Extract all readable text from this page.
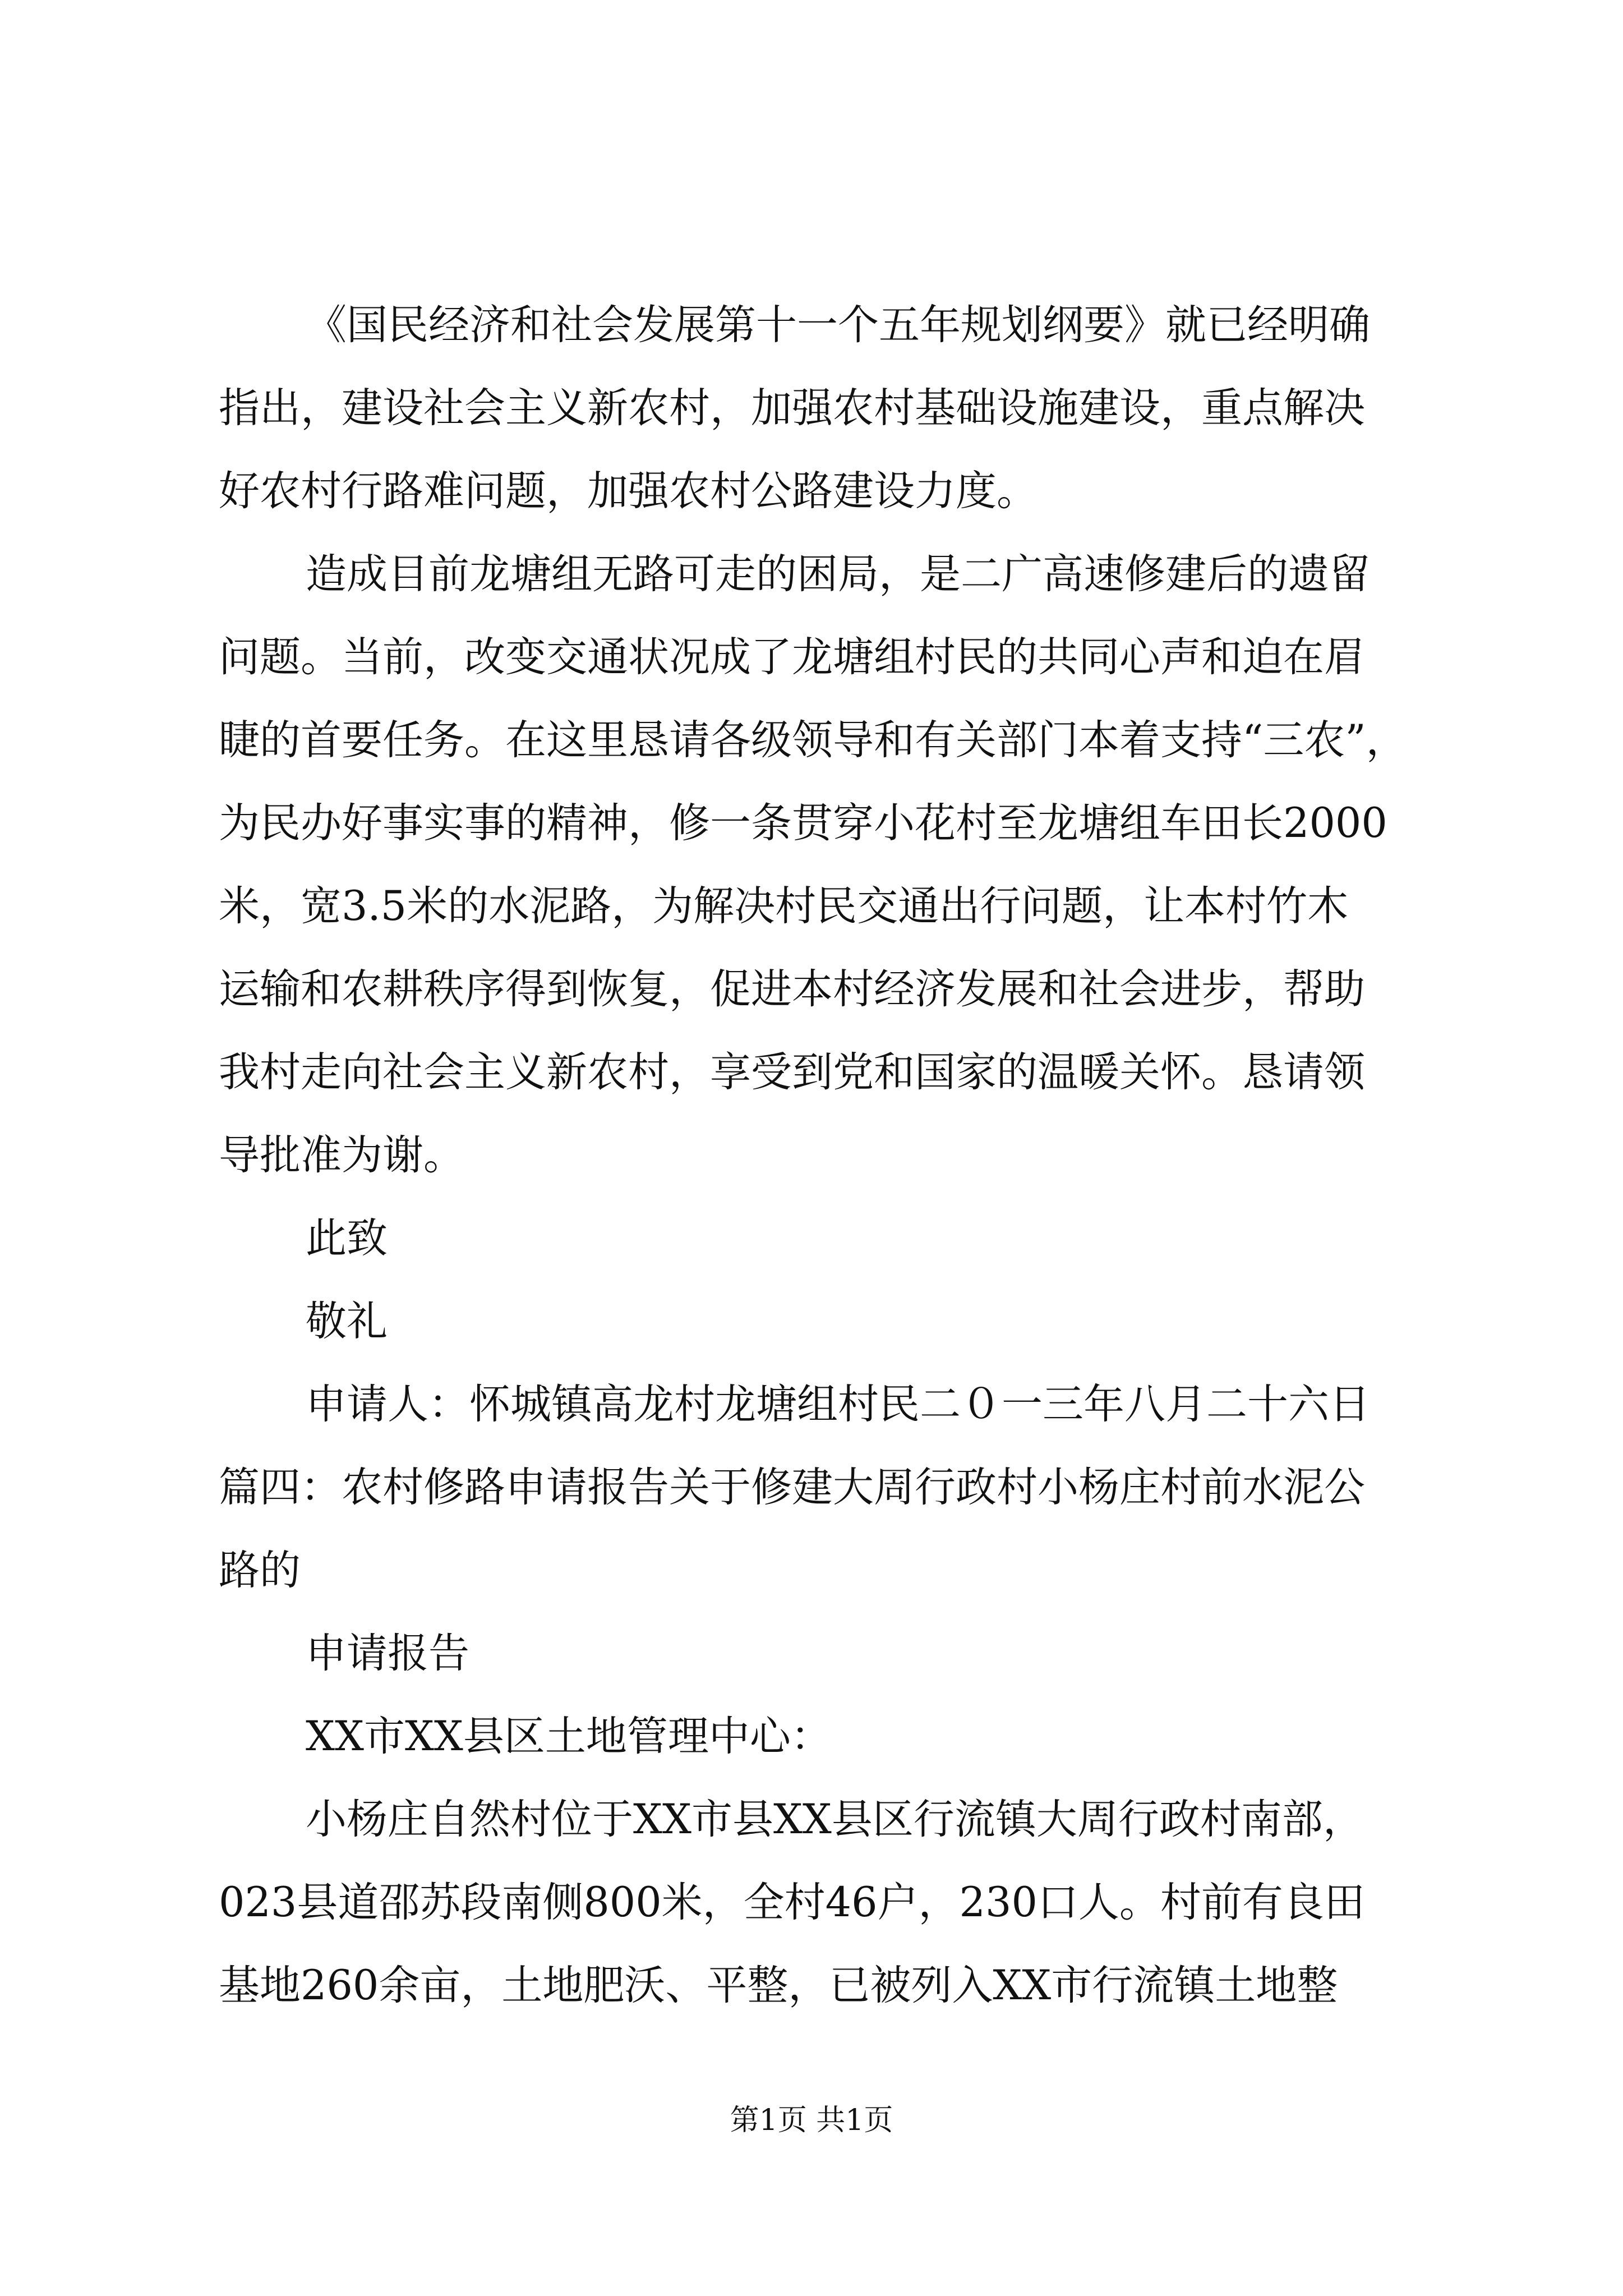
《国民经济和社会发展第十一个五年规划纲要》就已经明确
指出，建设社会主义新农村，加强农村基础设施建设，重点解决
好农村行路难问题，加强农村公路建设力度。
造成目前龙塘组无路可走的困局，是二广高速修建后的遗留
问题。当前，改变交通状况成了龙塘组村民的共同心声和迫在眉
睫的首要任务。在这里恳请各级领导和有关部门本着支持“三农”，
为民办好事实事的精神，修一条贯穿小花村至龙塘组车田长2000
米，宽3.5米的水泥路，为解决村民交通出行问题，让本村竹木
运输和农耕秩序得到恢复，促进本村经济发展和社会进步，帮助
我村走向社会主义新农村，享受到党和国家的温暖关怀。恳请领
导批准为谢。
此致
敬礼
申请人：怀城镇高龙村龙塘组村民二０一三年八月二十六日
篇四：农村修路申请报告关于修建大周行政村小杨庄村前水泥公
路的
申请报告
XX市XX县区土地管理中心：
小杨庄自然村位于XX市县XX县区行流镇大周行政村南部，
023县道邵苏段南侧800米，全村46户，230口人。村前有良田
基地260余亩，土地肥沃、平整，已被列入XX市行流镇土地整
第1页 共1页
